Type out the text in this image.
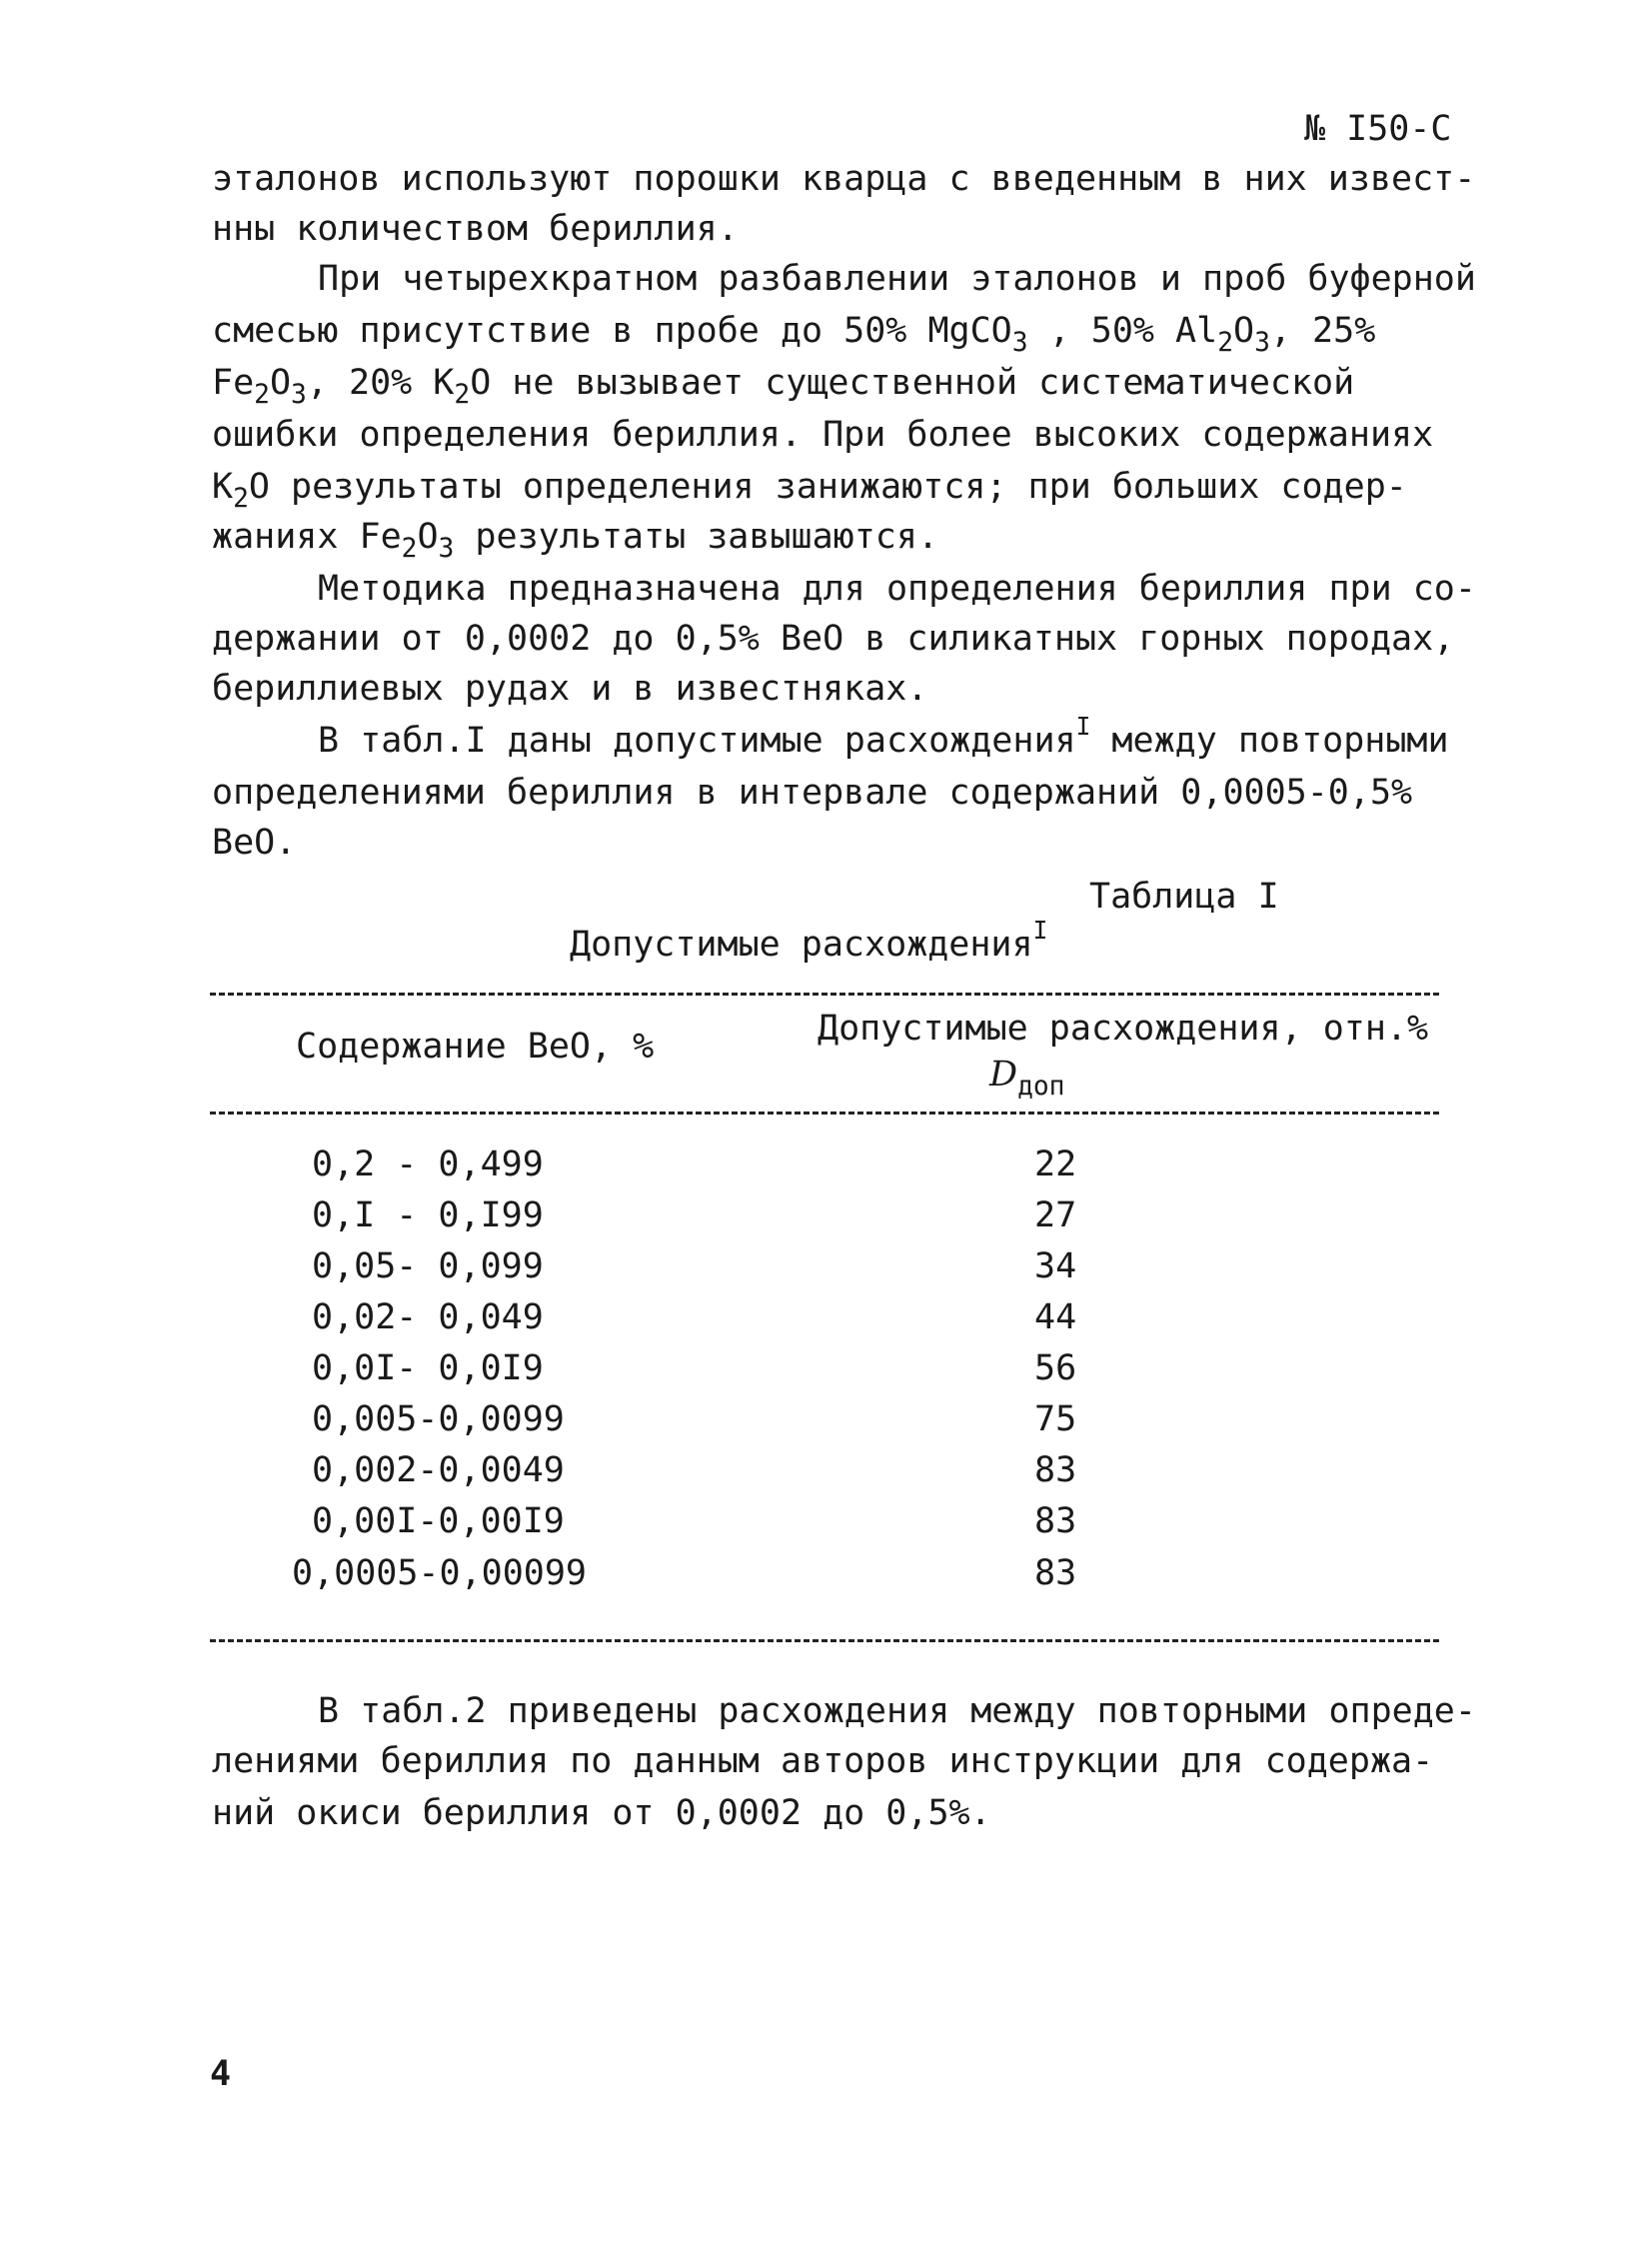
№ I50-С
эталонов используют порошки кварца с введенным в них извест-
нны количеством бериллия.
При четырехкратном разбавлении эталонов и проб буферной
смесью присутствие в пробе до 50% MgCO$_3$ , 50% $Al_2O_3$, 25%
$Fe_2O_3$, 20% $K_2O$ не вызывает существенной систематической
ошибки определения бериллия. При более высоких содержаниях
$K_2O$ результаты определения занижаются; при больших содер-
жаниях $Fe_2O_3$ результаты завышаются.
Методика предназначена для определения бериллия при со-
держании от 0,0002 до 0,5% BeO в силикатных горных породах,
бериллиевых рудах и в известняках.
В табл.I даны допустимые расхождения$^I$ между повторными
определениями бериллия в интервале содержаний 0,0005-0,5%
BeO.
Таблица I
Допустимые расхождения$^I$
Содержание BeO, %	Допустимые расхождения, отн.%
$D_{доп}$
0,2 - 0,499	22
0,I - 0,I99	27
0,05- 0,099	34
0,02- 0,049	44
0,0I- 0,0I9	56
0,005-0,0099	75
0,002-0,0049	83
0,00I-0,00I9	83
0,0005-0,00099	83
В табл.2 приведены расхождения между повторными опреде-
лениями бериллия по данным авторов инструкции для содержа-
ний окиси бериллия от 0,0002 до 0,5%.
4
